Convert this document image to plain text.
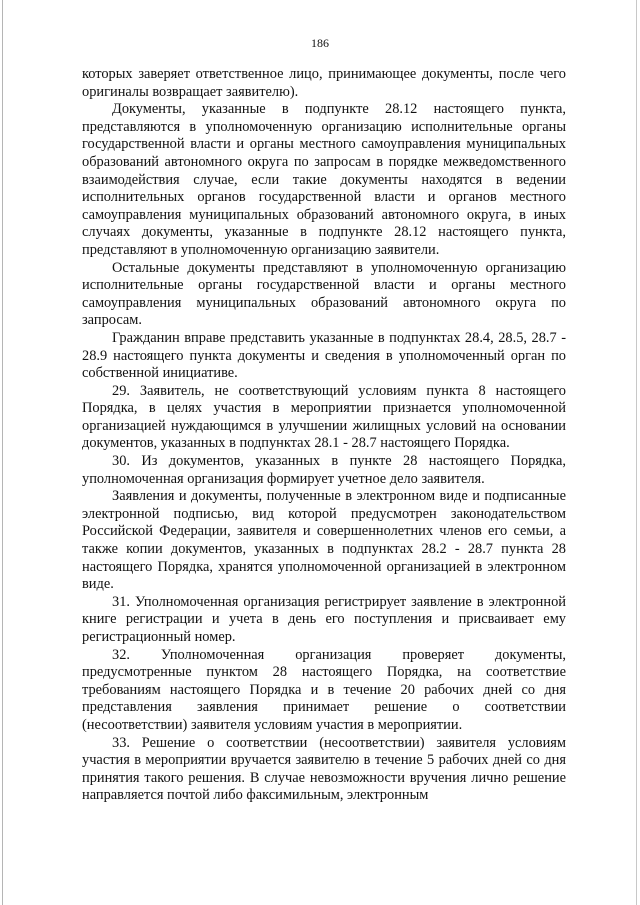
186

которых заверяет ответственное лицо, принимающее документы, после чего оригиналы возвращает заявителю).

Документы, указанные в подпункте 28.12 настоящего пункта, представляются в уполномоченную организацию исполнительные органы государственной власти и органы местного самоуправления муниципальных образований автономного округа по запросам в порядке межведомственного взаимодействия случае, если такие документы находятся в ведении исполнительных органов государственной власти и органов местного самоуправления муниципальных образований автономного округа, в иных случаях документы, указанные в подпункте 28.12 настоящего пункта, представляют в уполномоченную организацию заявители.

Остальные документы представляют в уполномоченную организацию исполнительные органы государственной власти и органы местного самоуправления муниципальных образований автономного округа по запросам.

Гражданин вправе представить указанные в подпунктах 28.4, 28.5, 28.7 - 28.9 настоящего пункта документы и сведения в уполномоченный орган по собственной инициативе.

29. Заявитель, не соответствующий условиям пункта 8 настоящего Порядка, в целях участия в мероприятии признается уполномоченной организацией нуждающимся в улучшении жилищных условий на основании документов, указанных в подпунктах 28.1 - 28.7 настоящего Порядка.

30. Из документов, указанных в пункте 28 настоящего Порядка, уполномоченная организация формирует учетное дело заявителя.

Заявления и документы, полученные в электронном виде и подписанные электронной подписью, вид которой предусмотрен законодательством Российской Федерации, заявителя и совершеннолетних членов его семьи, а также копии документов, указанных в подпунктах 28.2 - 28.7 пункта 28 настоящего Порядка, хранятся уполномоченной организацией в электронном виде.

31. Уполномоченная организация регистрирует заявление в электронной книге регистрации и учета в день его поступления и присваивает ему регистрационный номер.

32. Уполномоченная организация проверяет документы, предусмотренные пунктом 28 настоящего Порядка, на соответствие требованиям настоящего Порядка и в течение 20 рабочих дней со дня представления заявления принимает решение о соответствии (несоответствии) заявителя условиям участия в мероприятии.

33. Решение о соответствии (несоответствии) заявителя условиям участия в мероприятии вручается заявителю в течение 5 рабочих дней со дня принятия такого решения. В случае невозможности вручения лично решение направляется почтой либо факсимильным, электронным
